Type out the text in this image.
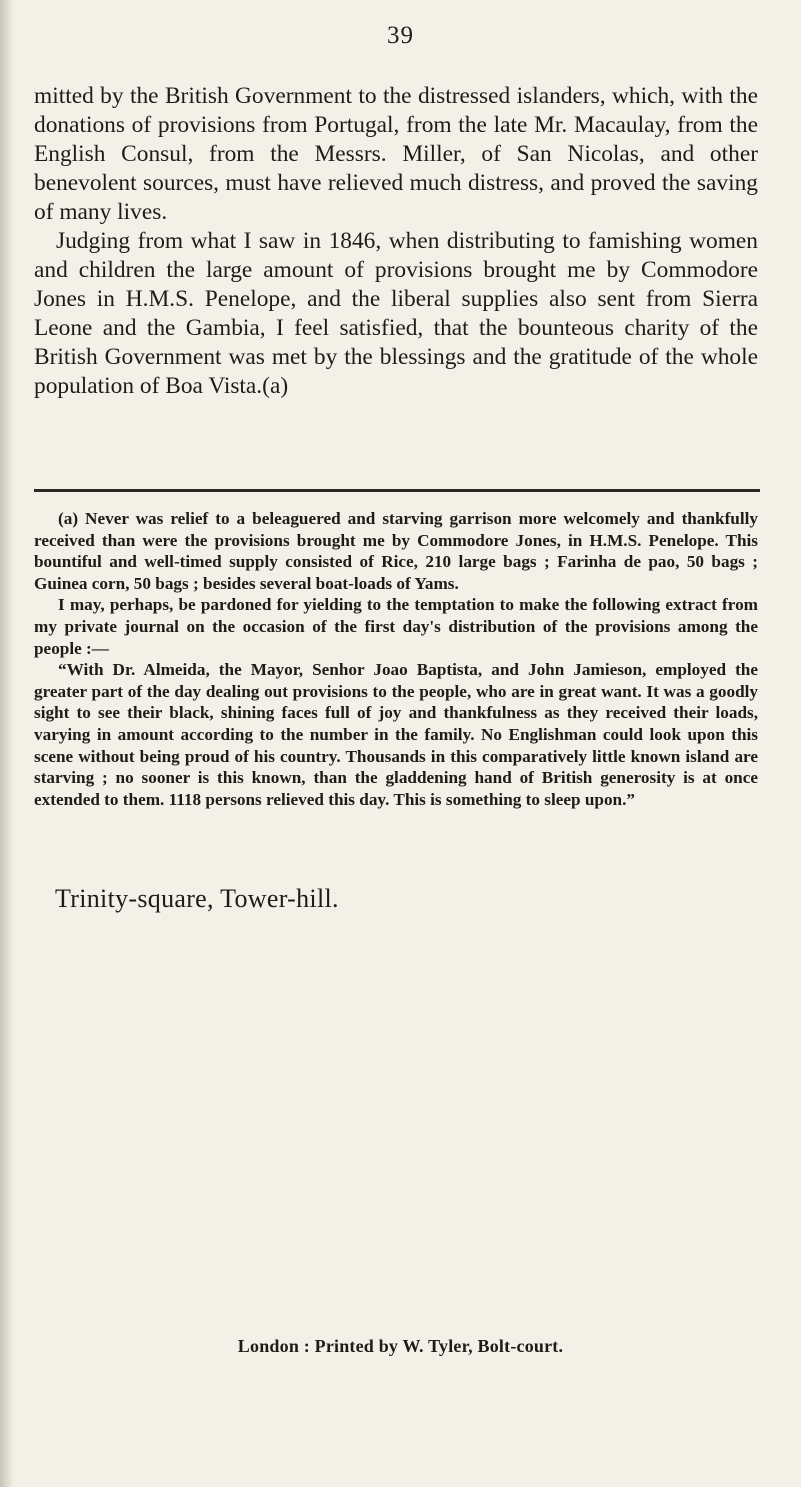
39

mitted by the British Government to the distressed islanders, which, with the donations of provisions from Portugal, from the late Mr. Macaulay, from the English Consul, from the Messrs. Miller, of San Nicolas, and other benevolent sources, must have relieved much distress, and proved the saving of many lives.

Judging from what I saw in 1846, when distributing to famishing women and children the large amount of provisions brought me by Commodore Jones in H.M.S. Penelope, and the liberal supplies also sent from Sierra Leone and the Gambia, I feel satisfied, that the bounteous charity of the British Government was met by the blessings and the gratitude of the whole population of Boa Vista.(a)

(a) Never was relief to a beleaguered and starving garrison more welcomely and thankfully received than were the provisions brought me by Commodore Jones, in H.M.S. Penelope. This bountiful and well-timed supply consisted of Rice, 210 large bags ; Farinha de pao, 50 bags ; Guinea corn, 50 bags ; besides several boat-loads of Yams.

I may, perhaps, be pardoned for yielding to the temptation to make the following extract from my private journal on the occasion of the first day's distribution of the provisions among the people :—

“With Dr. Almeida, the Mayor, Senhor Joao Baptista, and John Jamieson, employed the greater part of the day dealing out provisions to the people, who are in great want. It was a goodly sight to see their black, shining faces full of joy and thankfulness as they received their loads, varying in amount according to the number in the family. No Englishman could look upon this scene without being proud of his country. Thousands in this comparatively little known island are starving ; no sooner is this known, than the gladdening hand of British generosity is at once extended to them. 1118 persons relieved this day. This is something to sleep upon.”

Trinity-square, Tower-hill.
London : Printed by W. Tyler, Bolt-court.
